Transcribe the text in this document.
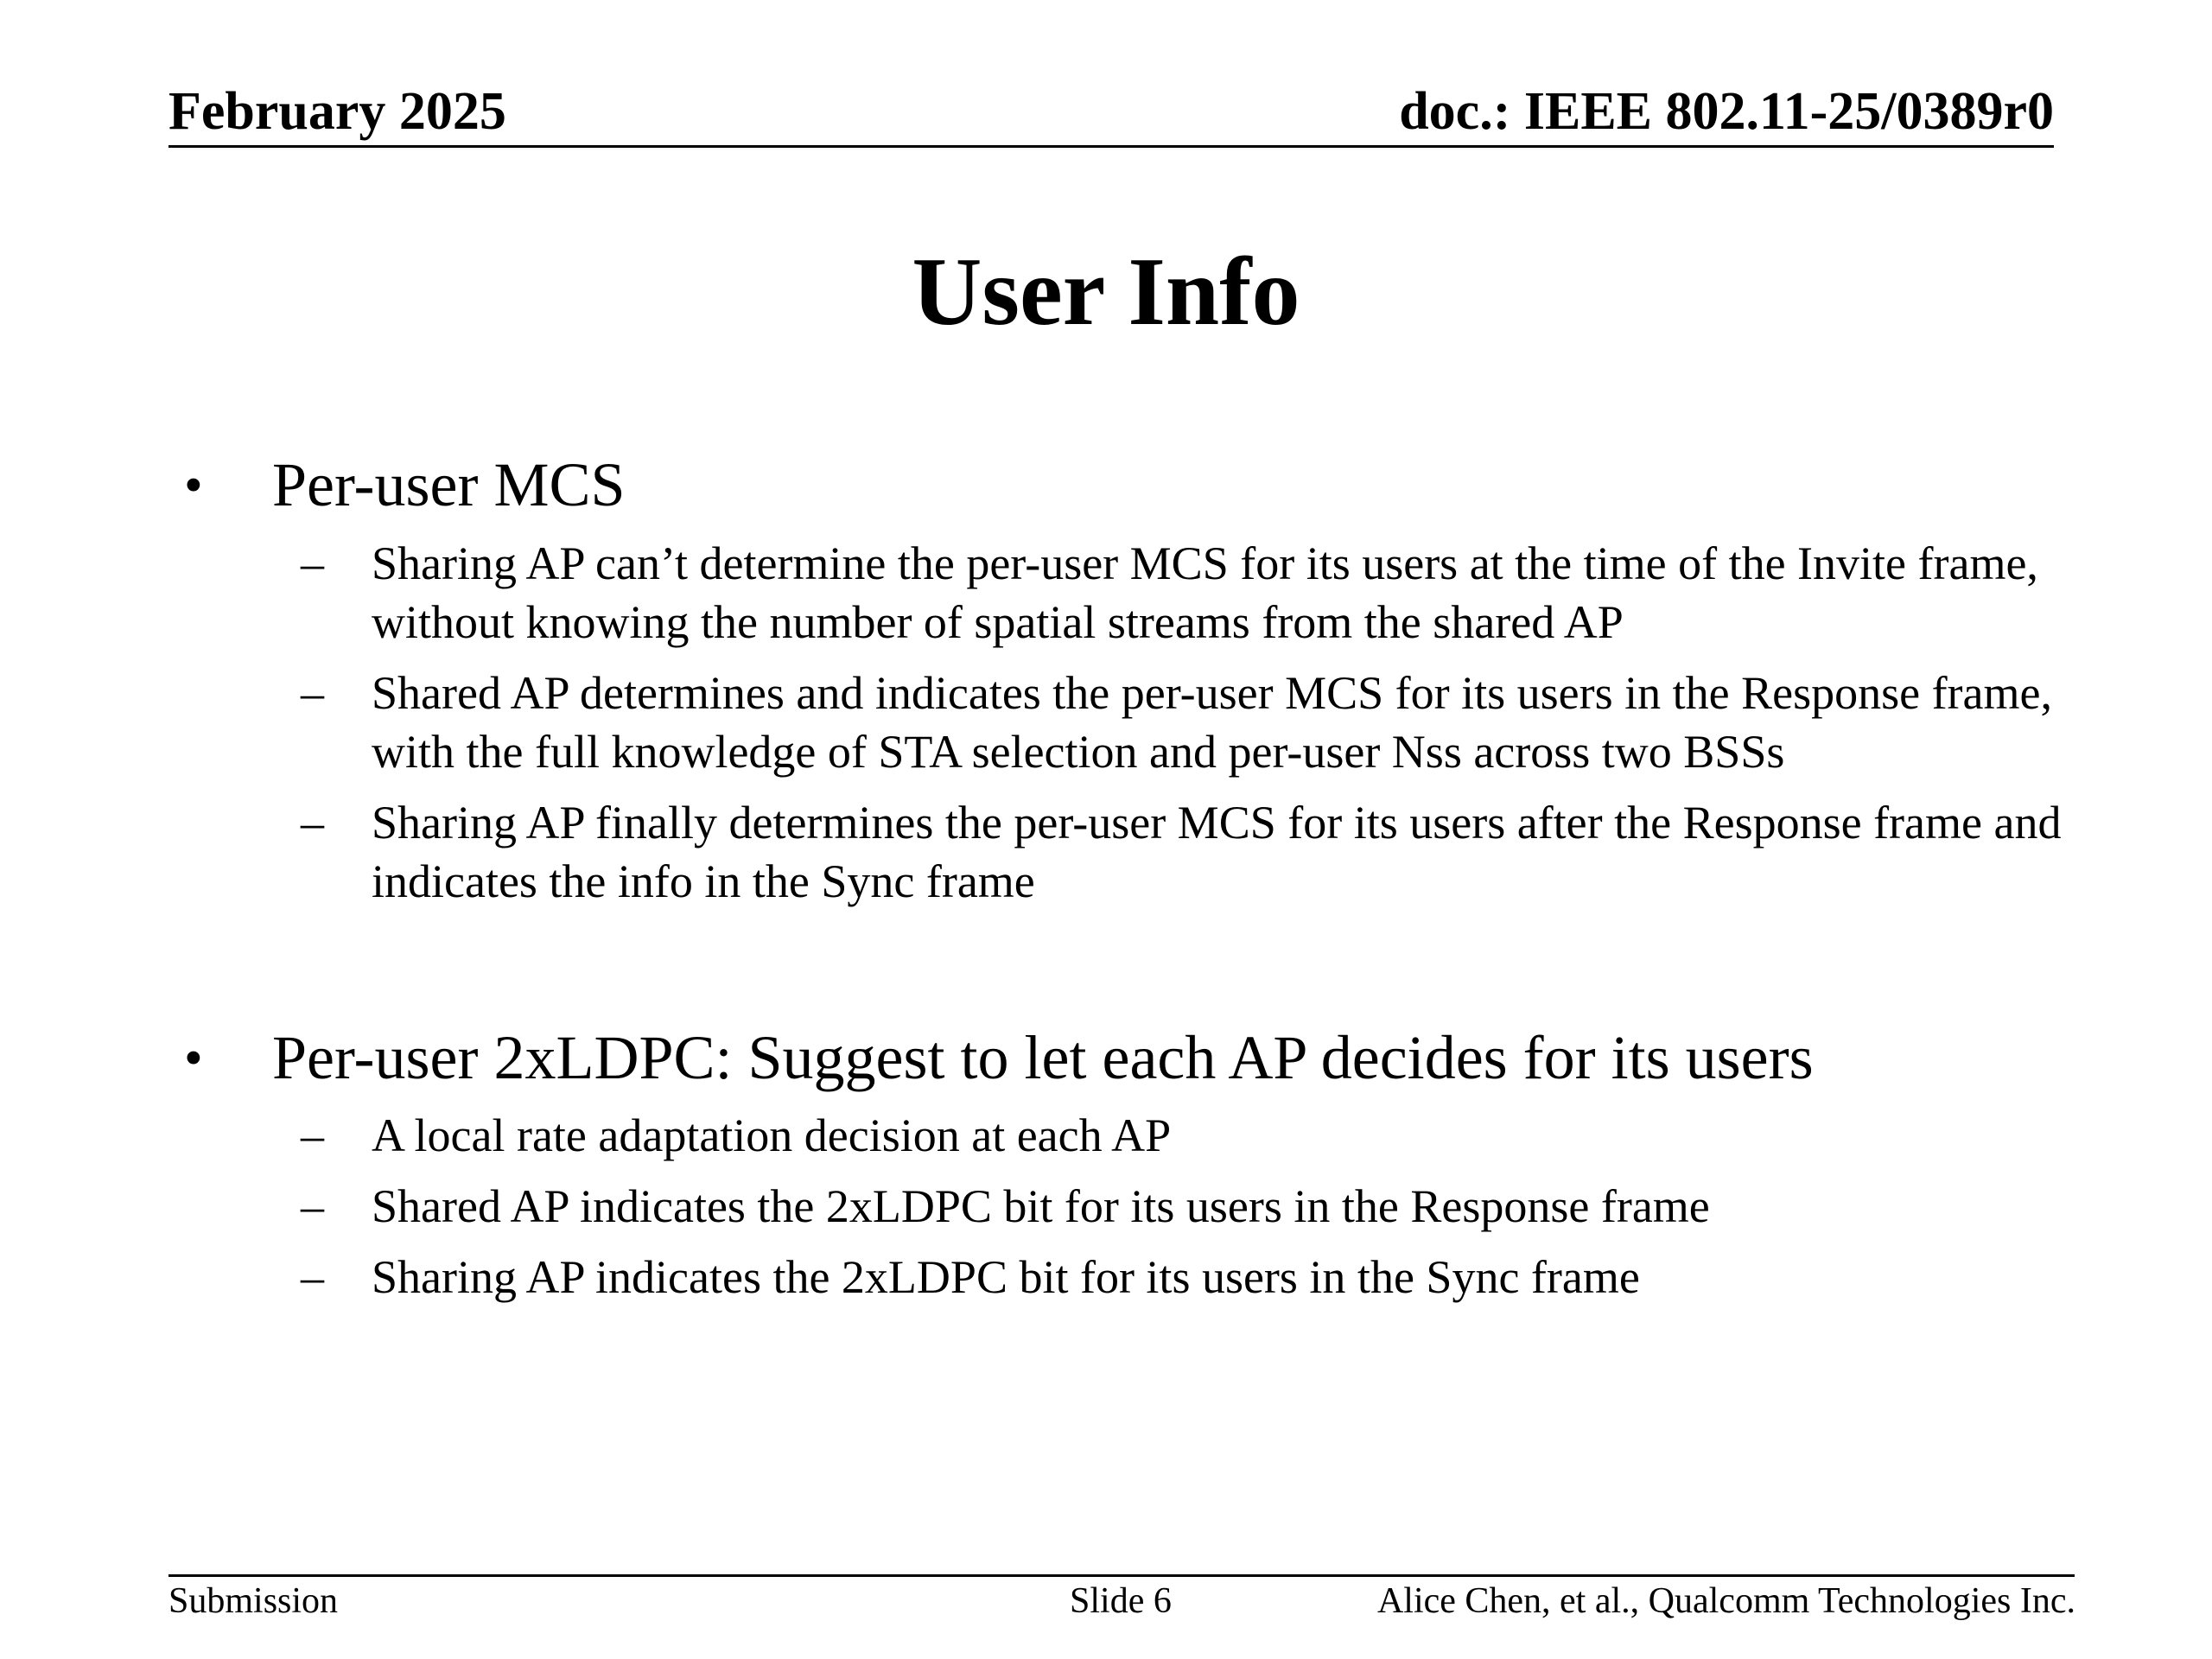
February 2025	doc.: IEEE 802.11-25/0389r0
User Info
• Per-user MCS
– Sharing AP can’t determine the per-user MCS for its users at the time of the Invite frame, without knowing the number of spatial streams from the shared AP
– Shared AP determines and indicates the per-user MCS for its users in the Response frame, with the full knowledge of STA selection and per-user Nss across two BSSs
– Sharing AP finally determines the per-user MCS for its users after the Response frame and indicates the info in the Sync frame
• Per-user 2xLDPC: Suggest to let each AP decides for its users
– A local rate adaptation decision at each AP
– Shared AP indicates the 2xLDPC bit for its users in the Response frame
– Sharing AP indicates the 2xLDPC bit for its users in the Sync frame
Submission	Slide 6	Alice Chen, et al., Qualcomm Technologies Inc.
